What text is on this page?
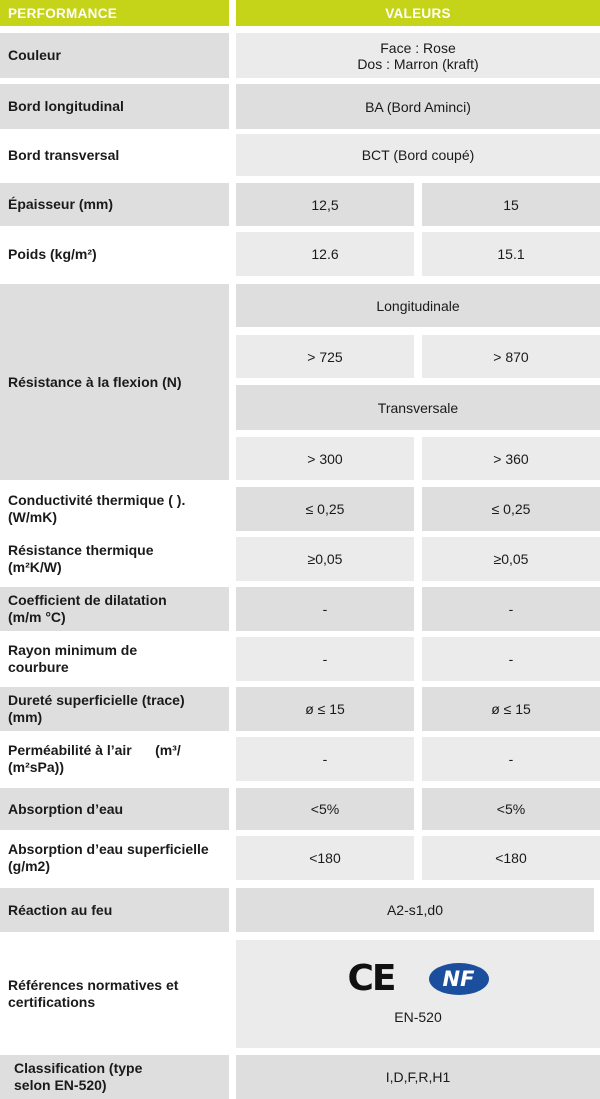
PERFORMANCE	VALEURS
Couleur	Face : Rose
Dos : Marron (kraft)
Bord longitudinal	BA (Bord Aminci)
Bord transversal	BCT (Bord coupé)
Épaisseur (mm)	12,5	15
Poids (kg/m²)	12.6	15.1
Résistance à la flexion (N)
Longitudinale
> 725	> 870
Transversale
> 300	> 360
Conductivité thermique ( ).
(W/mK)	≤ 0,25	≤ 0,25
Résistance thermique
(m²K/W)	≥0,05	≥0,05
Coefficient de dilatation
(m/m °C)	-	-
Rayon minimum de
courbure	-	-
Dureté superficielle (trace)
(mm)	ø ≤ 15	ø ≤ 15
Perméabilité à l’air      (m³/
(m²sPa))	-	-
Absorption d’eau	<5%	<5%
Absorption d’eau superficielle
(g/m2)	<180	<180
Réaction au feu	A2-s1,d0
Références normatives et
certifications
CE	NF
EN-520
Classification (type
selon EN-520)	I,D,F,R,H1
